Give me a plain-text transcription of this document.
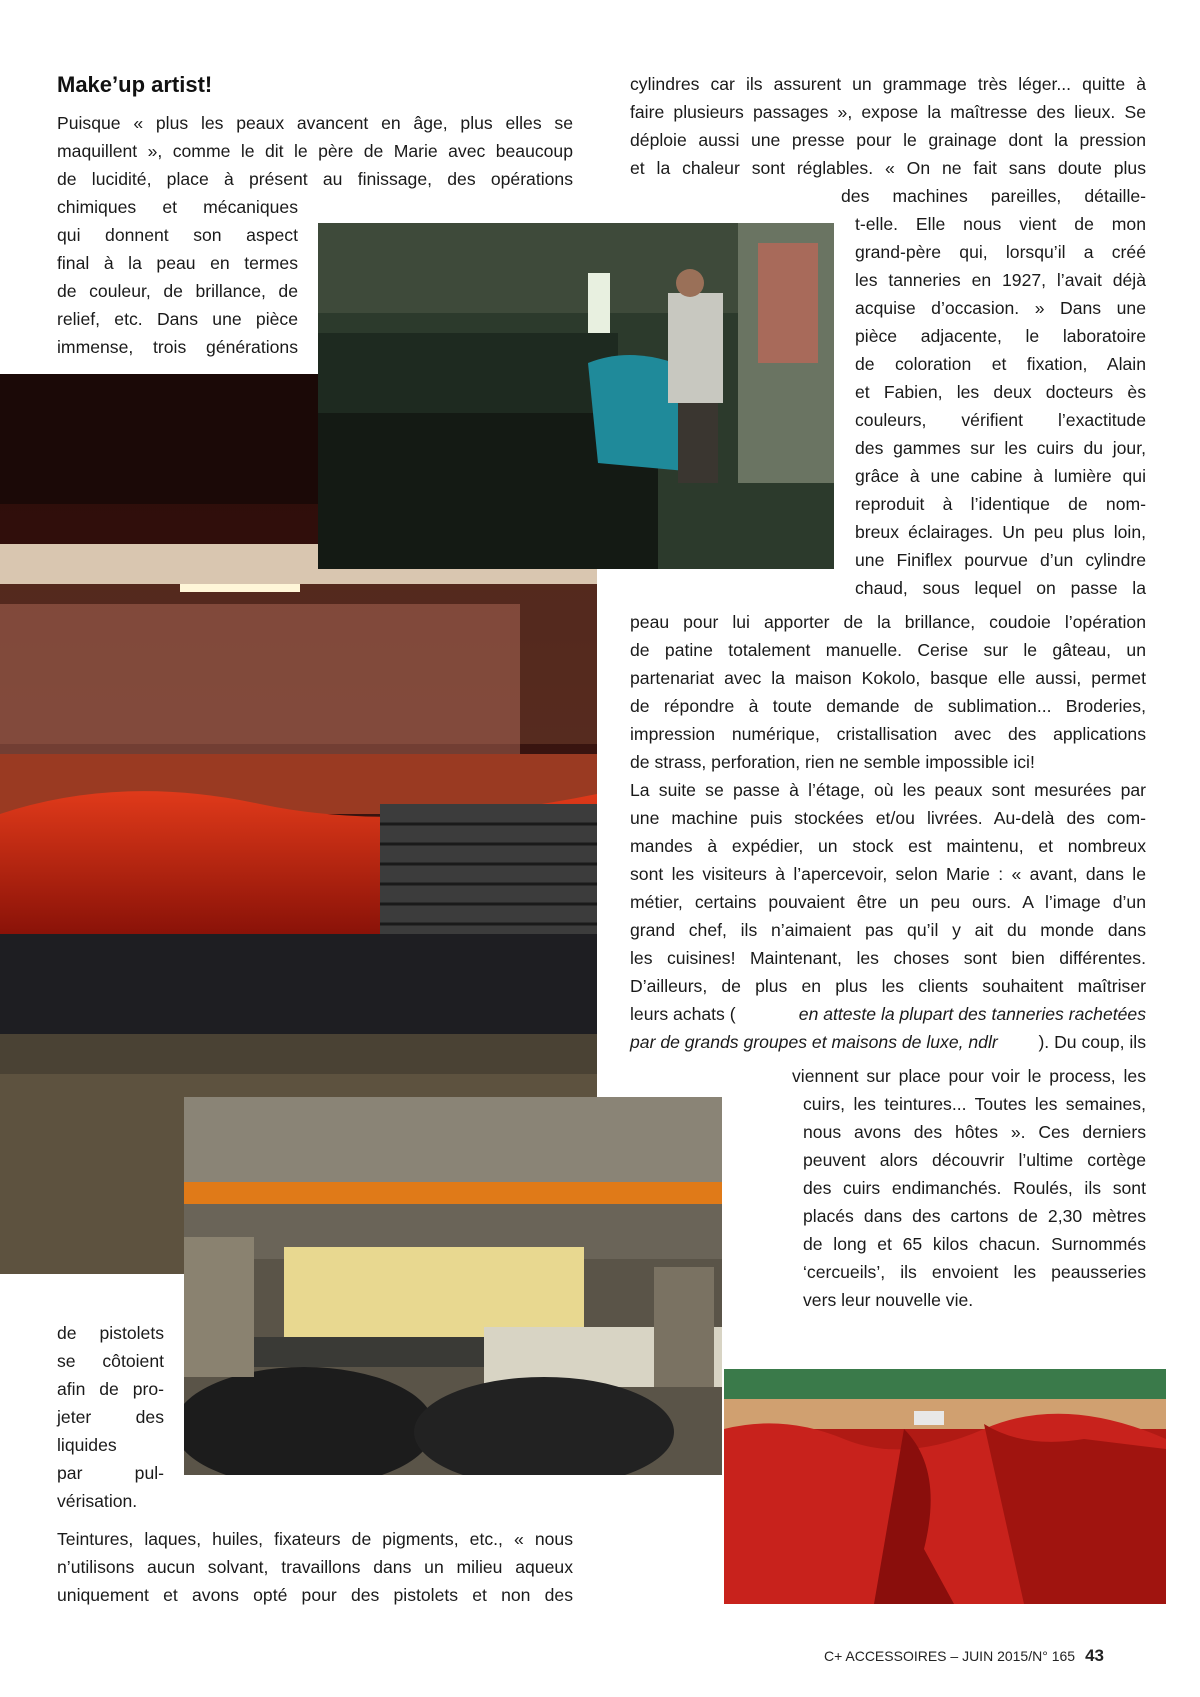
Make’up artist!
Puisque « plus les peaux avancent en âge, plus elles se
maquillent », comme le dit le père de Marie avec beaucoup
de lucidité, place à présent au finissage, des opérations
chimiques et mécaniques
qui donnent son aspect
final à la peau en termes
de couleur, de brillance, de
relief, etc. Dans une pièce
immense, trois générations
de pistolets
se côtoient
afin de pro-
jeter des
liquides
par pul-
vérisation.
Teintures, laques, huiles, fixateurs de pigments, etc., « nous
n’utilisons aucun solvant, travaillons dans un milieu aqueux
uniquement et avons opté pour des pistolets et non des
cylindres car ils assurent un grammage très léger... quitte à
faire plusieurs passages », expose la maîtresse des lieux. Se
déploie aussi une presse pour le grainage dont la pression
et la chaleur sont réglables. « On ne fait sans doute plus
des machines pareilles, détaille-
t-elle. Elle nous vient de mon
grand-père qui, lorsqu’il a créé
les tanneries en 1927, l’avait déjà
acquise d’occasion. » Dans une
pièce adjacente, le laboratoire
de coloration et fixation, Alain
et Fabien, les deux docteurs ès
couleurs, vérifient l’exactitude
des gammes sur les cuirs du jour,
grâce à une cabine à lumière qui
reproduit à l’identique de nom-
breux éclairages. Un peu plus loin,
une Finiflex pourvue d’un cylindre
chaud, sous lequel on passe la
peau pour lui apporter de la brillance, coudoie l’opération
de patine totalement manuelle. Cerise sur le gâteau, un
partenariat avec la maison Kokolo, basque elle aussi, permet
de répondre à toute demande de sublimation... Broderies,
impression numérique, cristallisation avec des applications
de strass, perforation, rien ne semble impossible ici!
La suite se passe à l’étage, où les peaux sont mesurées par
une machine puis stockées et/ou livrées. Au-delà des com-
mandes à expédier, un stock est maintenu, et nombreux
sont les visiteurs à l’apercevoir, selon Marie : « avant, dans le
métier, certains pouvaient être un peu ours. A l’image d’un
grand chef, ils n’aimaient pas qu’il y ait du monde dans
les cuisines! Maintenant, les choses sont bien différentes.
D’ailleurs, de plus en plus les clients souhaitent maîtriser
leurs achats (	en atteste la plupart des tanneries rachetées
par de grands groupes et maisons de luxe, ndlr ). Du coup, ils
viennent sur place pour voir le process, les
cuirs, les teintures... Toutes les semaines,
nous avons des hôtes ». Ces derniers
peuvent alors découvrir l’ultime cortège
des cuirs endimanchés. Roulés, ils sont
placés dans des cartons de 2,30 mètres
de long et 65 kilos chacun. Surnommés
‘cercueils’, ils envoient les peausseries
vers leur nouvelle vie.
C+ ACCESSOIRES – JUIN 2015/N° 165 43
